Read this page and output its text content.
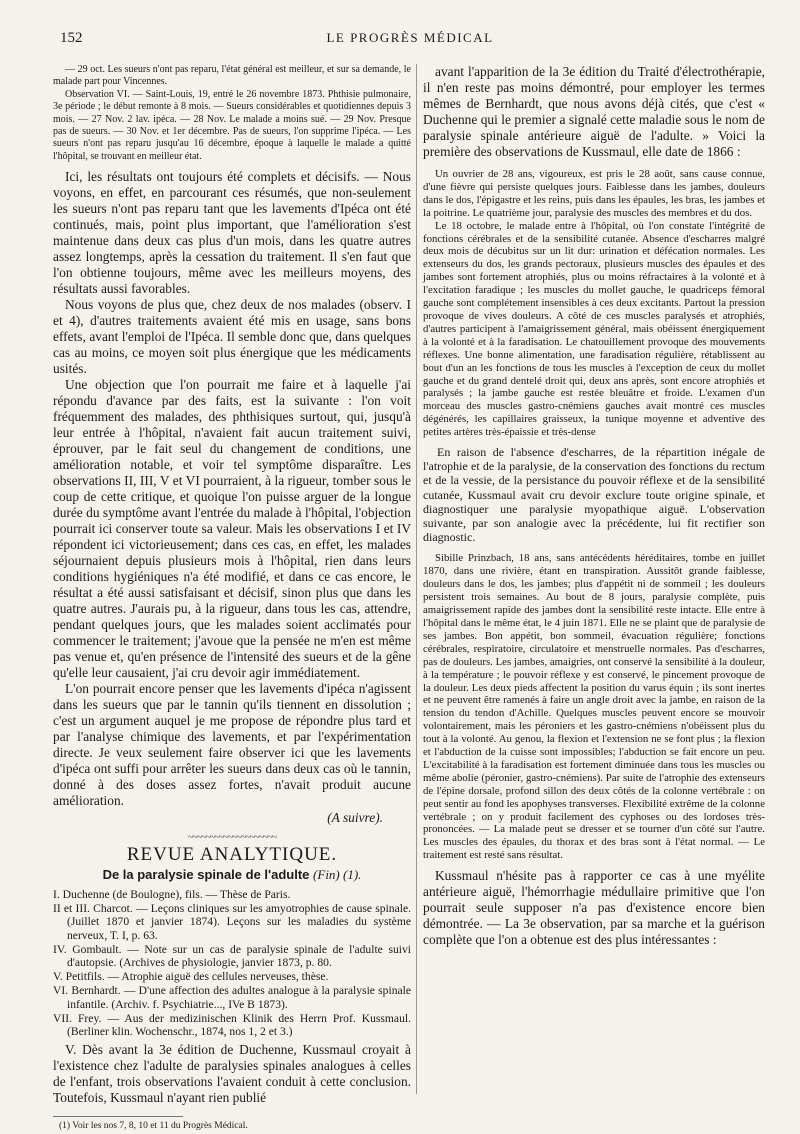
152	LE PROGRÈS MÉDICAL

— 29 oct. Les sueurs n'ont pas reparu, l'état général est meilleur, et sur sa demande, le malade part pour Vincennes.

Observation VI. — Saint-Louis, 19, entré le 26 novembre 1873. Phthisie pulmonaire, 3e période ; le début remonte à 8 mois. — Sueurs considérables et quotidiennes depuis 3 mois. — 27 Nov. 2 lav. ipéca. — 28 Nov. Le malade a moins sué. — 29 Nov. Presque pas de sueurs. — 30 Nov. et 1er décembre. Pas de sueurs, l'on supprime l'ipéca. — Les sueurs n'ont pas reparu jusqu'au 16 décembre, époque à laquelle le malade a quitté l'hôpital, se trouvant en meilleur état.

Ici, les résultats ont toujours été complets et décisifs. — Nous voyons, en effet, en parcourant ces résumés, que non-seulement les sueurs n'ont pas reparu tant que les lavements d'Ipéca ont été continués, mais, point plus important, que l'amélioration s'est maintenue dans deux cas plus d'un mois, dans les quatre autres assez longtemps, après la cessation du traitement. Il s'en faut que l'on obtienne toujours, même avec les meilleurs moyens, des résultats aussi favorables.

Nous voyons de plus que, chez deux de nos malades (observ. I et 4), d'autres traitements avaient été mis en usage, sans bons effets, avant l'emploi de l'Ipéca. Il semble donc que, dans quelques cas au moins, ce moyen soit plus énergique que les médicaments usités.

Une objection que l'on pourrait me faire et à laquelle j'ai répondu d'avance par des faits, est la suivante : l'on voit fréquemment des malades, des phthisiques surtout, qui, jusqu'à leur entrée à l'hôpital, n'avaient fait aucun traitement suivi, éprouver, par le fait seul du changement de conditions, une amélioration notable, et voir tel symptôme disparaître. Les observations II, III, V et VI pourraient, à la rigueur, tomber sous le coup de cette critique, et quoique l'on puisse arguer de la longue durée du symptôme avant l'entrée du malade à l'hôpital, l'objection pourrait ici conserver toute sa valeur. Mais les observations I et IV répondent ici victorieusement; dans ces cas, en effet, les malades séjournaient depuis plusieurs mois à l'hôpital, rien dans leurs conditions hygiéniques n'a été modifié, et dans ce cas encore, le résultat a été aussi satisfaisant et décisif, sinon plus que dans les quatre autres. J'aurais pu, à la rigueur, dans tous les cas, attendre, pendant quelques jours, que les malades soient acclimatés pour commencer le traitement; j'avoue que la pensée ne m'en est même pas venue et, qu'en présence de l'intensité des sueurs et de la gêne qu'elle leur causaient, j'ai cru devoir agir immédiatement.

L'on pourrait encore penser que les lavements d'ipéca n'agissent dans les sueurs que par le tannin qu'ils tiennent en dissolution ; c'est un argument auquel je me propose de répondre plus tard et par l'analyse chimique des lavements, et par l'expérimentation directe. Je veux seulement faire observer ici que les lavements d'ipéca ont suffi pour arrêter les sueurs dans deux cas où le tannin, donné à des doses assez fortes, n'avait produit aucune amélioration.

(A suivre).
~~~~~~~~~~~~~~~~~~~~
REVUE ANALYTIQUE.
De la paralysie spinale de l'adulte (Fin) (1).
I. Duchenne (de Boulogne), fils. — Thèse de Paris.
II et III. Charcot. — Leçons cliniques sur les amyotrophies de cause spinale. (Juillet 1870 et janvier 1874). Leçons sur les maladies du système nerveux, T. I, p. 63.
IV. Gombault. — Note sur un cas de paralysie spinale de l'adulte suivi d'autopsie. (Archives de physiologie, janvier 1873, p. 80.
V. Petitfils. — Atrophie aiguë des cellules nerveuses, thèse.
VI. Bernhardt. — D'une affection des adultes analogue à la paralysie spinale infantile. (Archiv. f. Psychiatrie..., IVe B 1873).
VII. Frey. — Aus der medizinischen Klinik des Herrn Prof. Kussmaul. (Berliner klin. Wochenschr., 1874, nos 1, 2 et 3.)

V. Dès avant la 3e édition de Duchenne, Kussmaul croyait à l'existence chez l'adulte de paralysies spinales analogues à celles de l'enfant, trois observations l'avaient conduit à cette conclusion. Toutefois, Kussmaul n'ayant rien publié

(1) Voir les nos 7, 8, 10 et 11 du Progrès Médical.

avant l'apparition de la 3e édition du Traité d'électrothérapie, il n'en reste pas moins démontré, pour employer les termes mêmes de Bernhardt, que nous avons déjà cités, que c'est « Duchenne qui le premier a signalé cette maladie sous le nom de paralysie spinale antérieure aiguë de l'adulte. » Voici la première des observations de Kussmaul, elle date de 1866 :

Un ouvrier de 28 ans, vigoureux, est pris le 28 août, sans cause connue, d'une fièvre qui persiste quelques jours. Faiblesse dans les jambes, douleurs dans le dos, l'épigastre et les reins, puis dans les épaules, les bras, les jambes et la poitrine. Le quatrième jour, paralysie des muscles des membres et du dos.

Le 18 octobre, le malade entre à l'hôpital, où l'on constate l'intégrité de fonctions cérébrales et de la sensibilité cutanée. Absence d'escharres malgré deux mois de décubitus sur un lit dur: urination et défécation normales. Les extenseurs du dos, les grands pectoraux, plusieurs muscles des épaules et des jambes sont fortement atrophiés, plus ou moins réfractaires à la volonté et à l'excitation faradique ; les muscles du mollet gauche, le quadriceps fémoral gauche sont complétement insensibles à ces deux excitants. Partout la pression provoque de vives douleurs. A côté de ces muscles paralysés et atrophiés, d'autres participent à l'amaigrissement général, mais obéissent énergiquement à la volonté et à la faradisation. Le chatouillement provoque des mouvements réflexes. Une bonne alimentation, une faradisation régulière, rétablissent au bout d'un an les fonctions de tous les muscles à l'exception de ceux du mollet gauche et du grand dentelé droit qui, deux ans après, sont encore atrophiés et paralysés ; la jambe gauche est restée bleuâtre et froide. L'examen d'un morceau des muscles gastro-cnémiens gauches avait montré ces muscles dégénérés, les capillaires graisseux, la tunique moyenne et adventive des petites artères très-épaissie et très-dense

En raison de l'absence d'escharres, de la répartition inégale de l'atrophie et de la paralysie, de la conservation des fonctions du rectum et de la vessie, de la persistance du pouvoir réflexe et de la sensibilité cutanée, Kussmaul avait cru devoir exclure toute origine spinale, et diagnostiquer une paralysie myopathique aiguë. L'observation suivante, par son analogie avec la précédente, lui fit rectifier son diagnostic.

Sibille Prinzbach, 18 ans, sans antécédents héréditaires, tombe en juillet 1870, dans une rivière, étant en transpiration. Aussitôt grande faiblesse, douleurs dans le dos, les jambes; plus d'appétit ni de sommeil ; les douleurs persistent trois semaines. Au bout de 8 jours, paralysie complète, puis amaigrissement rapide des jambes dont la sensibilité reste intacte. Elle entre à l'hôpital dans le même état, le 4 juin 1871. Elle ne se plaint que de paralysie de ses jambes. Bon appétit, bon sommeil, évacuation régulière; fonctions cérébrales, respiratoire, circulatoire et menstruelle normales. Pas d'escharres, pas de douleurs. Les jambes, amaigries, ont conservé la sensibilité à la douleur, à la température ; le pouvoir réflexe y est conservé, le pincement provoque de la douleur. Les deux pieds affectent la position du varus équin ; ils sont inertes et ne peuvent être ramenés à faire un angle droit avec la jambe, en raison de la tension du tendon d'Achille. Quelques muscles peuvent encore se mouvoir volontairement, mais les péroniers et les gastro-cnémiens n'obéissent plus du tout à la volonté. Au genou, la flexion et l'extension ne se font plus ; la flexion et l'abduction de la cuisse sont impossibles; l'abduction se fait encore un peu. L'excitabilité à la faradisation est fortement diminuée dans tous les muscles ou même abolie (péronier, gastro-cnémiens). Par suite de l'atrophie des extenseurs de l'épine dorsale, profond sillon des deux côtés de la colonne vertébrale : on peut sentir au fond les apophyses transverses. Flexibilité extrême de la colonne vertébrale ; on y produit facilement des cyphoses ou des lordoses très-prononcées. — La malade peut se dresser et se tourner d'un côté sur l'autre. Les muscles des épaules, du thorax et des bras sont à l'état normal. — Le traitement est resté sans résultat.

Kussmaul n'hésite pas à rapporter ce cas à une myélite antérieure aiguë, l'hémorrhagie médullaire primitive que l'on pourrait seule supposer n'a pas d'existence encore bien démontrée. — La 3e observation, par sa marche et la guérison complète que l'on a obtenue est des plus intéressantes :
